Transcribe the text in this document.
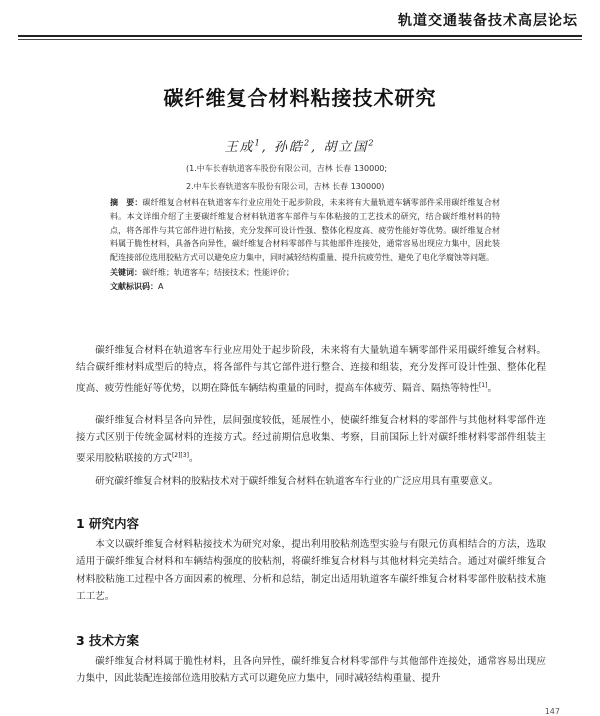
轨道交通装备技术高层论坛
碳纤维复合材料粘接技术研究
王成$^1$, 孙皓$^2$, 胡立国$^2$
(1.中车长春轨道客车股份有限公司，吉林 长春 130000;
2.中车长春轨道客车股份有限公司，吉林 长春 130000)

摘　要：碳纤维复合材料在轨道客车行业应用处于起步阶段，未来将有大量轨道车辆零部件采用碳纤维复合材料。本文详细介绍了主要碳纤维复合材料轨道客车部件与车体粘接的工艺技术的研究，结合碳纤维材料的特点，将各部件与其它部件进行粘接，充分发挥可设计性强、整体化程度高、疲劳性能好等优势。碳纤维复合材料属于脆性材料，具备各向异性，碳纤维复合材料零部件与其他部件连接处，通常容易出现应力集中，因此装配连接部位选用胶粘方式可以避免应力集中，同时减轻结构重量、提升抗疲劳性、避免了电化学腐蚀等问题。

关键词：碳纤维；轨道客车；结接技术；性能评价；

文献标识码：A

碳纤维复合材料在轨道客车行业应用处于起步阶段，未来将有大量轨道车辆零部件采用碳纤维复合材料。结合碳纤维材料成型后的特点，将各部件与其它部件进行整合、连接和组装，充分发挥可设计性强、整体化程度高、疲劳性能好等优势，以期在降低车辆结构重量的同时，提高车体疲劳、隔音、隔热等特性[1]。

碳纤维复合材料呈各向异性，层间强度较低，延展性小，使碳纤维复合材料的零部件与其他材料零部件连接方式区别于传统金属材料的连接方式。经过前期信息收集、考察，目前国际上针对碳纤维材料零部件组装主要采用胶粘联接的方式[2][3]。

研究碳纤维复合材料的胶粘技术对于碳纤维复合材料在轨道客车行业的广泛应用具有重要意义。

1 研究内容

本文以碳纤维复合材料粘接技术为研究对象，提出利用胶粘剂选型实验与有限元仿真相结合的方法，选取适用于碳纤维复合材料和车辆结构强度的胶粘剂，将碳纤维复合材料与其他材料完美结合。通过对碳纤维复合材料胶粘施工过程中各方面因素的梳理、分析和总结，制定出适用轨道客车碳纤维复合材料零部件胶粘技术施工工艺。

3 技术方案

碳纤维复合材料属于脆性材料，且各向异性，碳纤维复合材料零部件与其他部件连接处，通常容易出现应力集中，因此装配连接部位选用胶粘方式可以避免应力集中，同时减轻结构重量、提升

147
